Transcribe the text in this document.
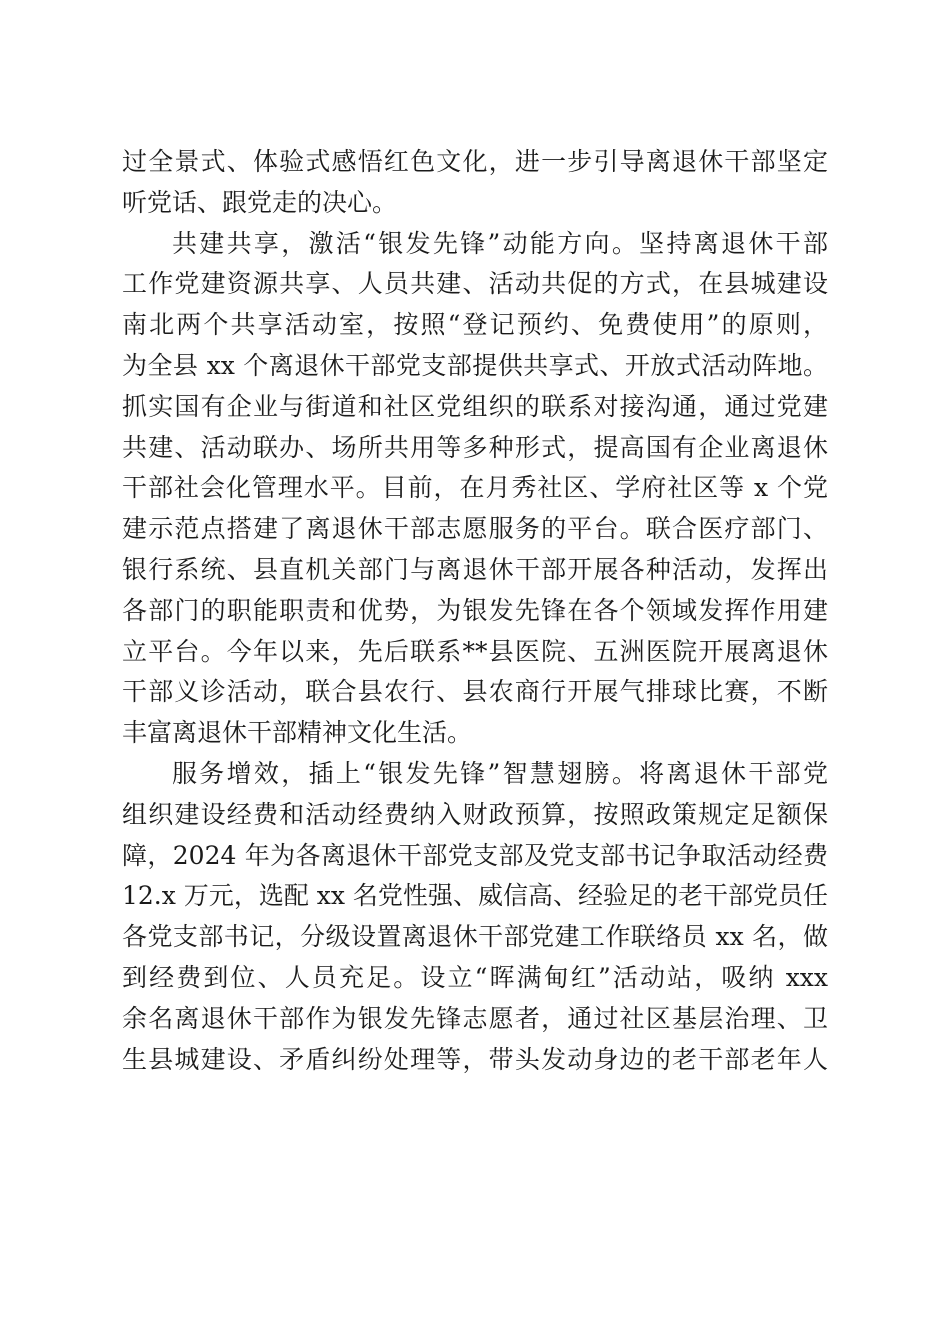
过全景式、体验式感悟红色文化，进一步引导离退休干部坚定
听党话、跟党走的决心。
共建共享，激活“银发先锋”动能方向。坚持离退休干部
工作党建资源共享、人员共建、活动共促的方式，在县城建设
南北两个共享活动室，按照“登记预约、免费使用”的原则，
为全县 xx 个离退休干部党支部提供共享式、开放式活动阵地。
抓实国有企业与街道和社区党组织的联系对接沟通，通过党建
共建、活动联办、场所共用等多种形式，提高国有企业离退休
干部社会化管理水平。目前，在月秀社区、学府社区等 x 个党
建示范点搭建了离退休干部志愿服务的平台。联合医疗部门、
银行系统、县直机关部门与离退休干部开展各种活动，发挥出
各部门的职能职责和优势，为银发先锋在各个领域发挥作用建
立平台。今年以来，先后联系**县医院、五洲医院开展离退休
干部义诊活动，联合县农行、县农商行开展气排球比赛，不断
丰富离退休干部精神文化生活。
服务增效，插上“银发先锋”智慧翅膀。将离退休干部党
组织建设经费和活动经费纳入财政预算，按照政策规定足额保
障，2024 年为各离退休干部党支部及党支部书记争取活动经费
12.x 万元，选配 xx 名党性强、威信高、经验足的老干部党员任
各党支部书记，分级设置离退休干部党建工作联络员 xx 名，做
到经费到位、人员充足。设立“晖满甸红”活动站，吸纳 xxx
余名离退休干部作为银发先锋志愿者，通过社区基层治理、卫
生县城建设、矛盾纠纷处理等，带头发动身边的老干部老年人
